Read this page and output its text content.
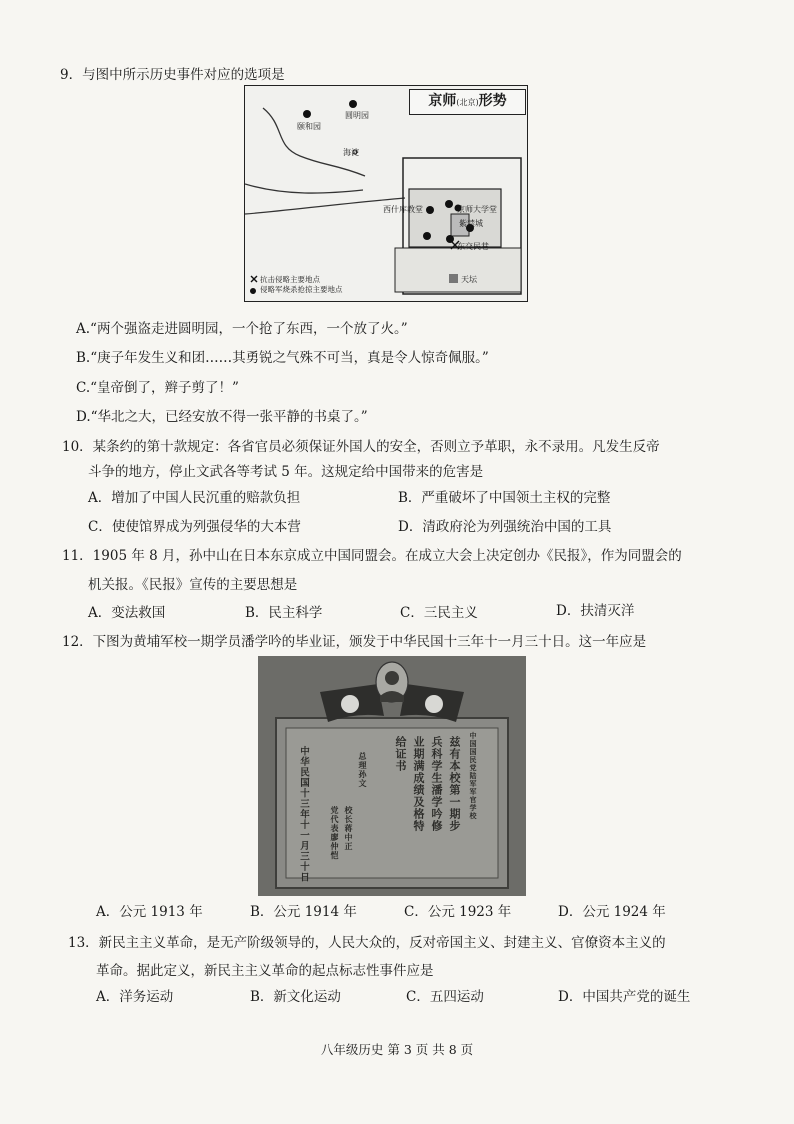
9．与图中所示历史事件对应的选项是
京师(北京)形势
圆明园
颐和园
海淀
西什库教堂	京师大学堂
紫禁城
东交民巷
天坛
抗击侵略主要地点
侵略军烧杀抢掠主要地点
A.“两个强盗走进圆明园，一个抢了东西，一个放了火。”
B.“庚子年发生义和团……其勇锐之气殊不可当，真是令人惊奇佩服。”
C.“皇帝倒了，辫子剪了！”
D.“华北之大，已经安放不得一张平静的书桌了。”
10．某条约的第十款规定：各省官员必须保证外国人的安全，否则立予革职，永不录用。凡发生反帝
斗争的地方，停止文武各等考试 5 年。这规定给中国带来的危害是
A．增加了中国人民沉重的赔款负担	B．严重破坏了中国领土主权的完整
C．使使馆界成为列强侵华的大本营	D．清政府沦为列强统治中国的工具
11．1905 年 8 月，孙中山在日本东京成立中国同盟会。在成立大会上决定创办《民报》，作为同盟会的
机关报。《民报》宣传的主要思想是
A．变法救国	B．民主科学	C．三民主义	D．扶清灭洋
12．下图为黄埔军校一期学员潘学吟的毕业证，颁发于中华民国十三年十一月三十日。这一年应是
中国国民党陆军军官学校
兹有本校第一期步
兵科学生潘学吟修
业期满成绩及格特
给证书
总理孙文
校长蒋中正
党代表廖仲恺
中华民国十三年十一月三十日
A．公元 1913 年	B．公元 1914 年	C．公元 1923 年	D．公元 1924 年
13．新民主主义革命，是无产阶级领导的，人民大众的，反对帝国主义、封建主义、官僚资本主义的
革命。据此定义，新民主主义革命的起点标志性事件应是
A．洋务运动	B．新文化运动	C．五四运动	D．中国共产党的诞生
八年级历史 第 3 页 共 8 页
